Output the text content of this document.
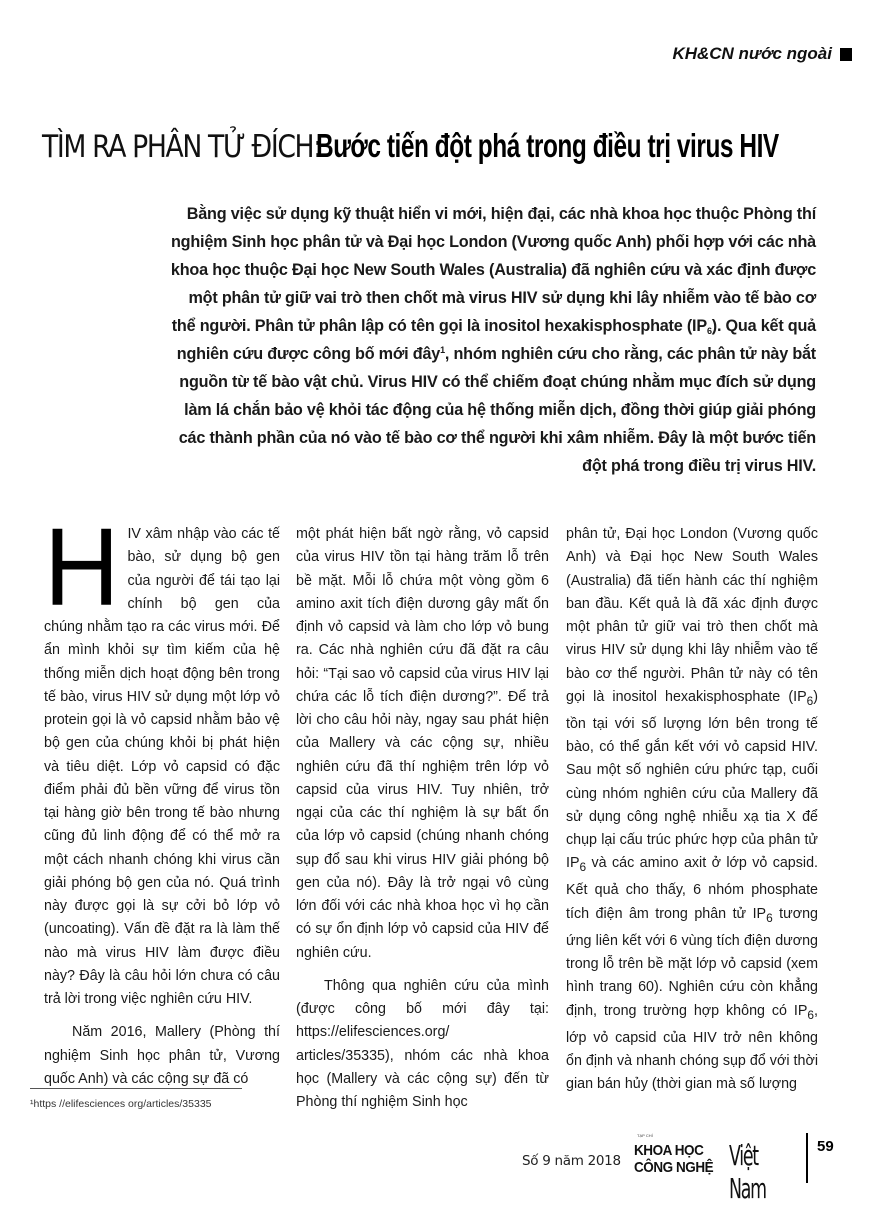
KH&CN nước ngoài
TÌM RA PHÂN TỬ ĐÍCH: Bước tiến đột phá trong điều trị virus HIV
Bằng việc sử dụng kỹ thuật hiển vi mới, hiện đại, các nhà khoa học thuộc Phòng thí nghiệm Sinh học phân tử và Đại học London (Vương quốc Anh) phối hợp với các nhà khoa học thuộc Đại học New South Wales (Australia) đã nghiên cứu và xác định được một phân tử giữ vai trò then chốt mà virus HIV sử dụng khi lây nhiễm vào tế bào cơ thể người. Phân tử phân lập có tên gọi là inositol hexakisphosphate $(IP_6)$. Qua kết quả nghiên cứu được công bố mới đây$^1$, nhóm nghiên cứu cho rằng, các phân tử này bắt nguồn từ tế bào vật chủ. Virus HIV có thể chiếm đoạt chúng nhằm mục đích sử dụng làm lá chắn bảo vệ khỏi tác động của hệ thống miễn dịch, đồng thời giúp giải phóng các thành phần của nó vào tế bào cơ thể người khi xâm nhiễm. Đây là một bước tiến đột phá trong điều trị virus HIV.

HIV xâm nhập vào các tế bào, sử dụng bộ gen của người để tái tạo lại chính bộ gen của chúng nhằm tạo ra các virus mới. Để ẩn mình khỏi sự tìm kiếm của hệ thống miễn dịch hoạt động bên trong tế bào, virus HIV sử dụng một lớp vỏ protein gọi là vỏ capsid nhằm bảo vệ bộ gen của chúng khỏi bị phát hiện và tiêu diệt. Lớp vỏ capsid có đặc điểm phải đủ bền vững để virus tồn tại hàng giờ bên trong tế bào nhưng cũng đủ linh động để có thể mở ra một cách nhanh chóng khi virus cần giải phóng bộ gen của nó. Quá trình này được gọi là sự cởi bỏ lớp vỏ (uncoating). Vấn đề đặt ra là làm thế nào mà virus HIV làm được điều này? Đây là câu hỏi lớn chưa có câu trả lời trong việc nghiên cứu HIV.

Năm 2016, Mallery (Phòng thí nghiệm Sinh học phân tử, Vương quốc Anh) và các cộng sự đã có

một phát hiện bất ngờ rằng, vỏ capsid của virus HIV tồn tại hàng trăm lỗ trên bề mặt. Mỗi lỗ chứa một vòng gồm 6 amino axit tích điện dương gây mất ổn định vỏ capsid và làm cho lớp vỏ bung ra. Các nhà nghiên cứu đã đặt ra câu hỏi: “Tại sao vỏ capsid của virus HIV lại chứa các lỗ tích điện dương?”. Để trả lời cho câu hỏi này, ngay sau phát hiện của Mallery và các cộng sự, nhiều nghiên cứu đã thí nghiệm trên lớp vỏ capsid của virus HIV. Tuy nhiên, trở ngại của các thí nghiệm là sự bất ổn của lớp vỏ capsid (chúng nhanh chóng sụp đổ sau khi virus HIV giải phóng bộ gen của nó). Đây là trở ngại vô cùng lớn đối với các nhà khoa học vì họ cần có sự ổn định lớp vỏ capsid của HIV để nghiên cứu.

Thông qua nghiên cứu của mình (được công bố mới đây tại: https://elifesciences.org/ articles/35335), nhóm các nhà khoa học (Mallery và các cộng sự) đến từ Phòng thí nghiệm Sinh học

phân tử, Đại học London (Vương quốc Anh) và Đại học New South Wales (Australia) đã tiến hành các thí nghiệm ban đầu. Kết quả là đã xác định được một phân tử giữ vai trò then chốt mà virus HIV sử dụng khi lây nhiễm vào tế bào cơ thể người. Phân tử này có tên gọi là inositol hexakisphosphate $(IP_6)$ tồn tại với số lượng lớn bên trong tế bào, có thể gắn kết với vỏ capsid HIV. Sau một số nghiên cứu phức tạp, cuối cùng nhóm nghiên cứu của Mallery đã sử dụng công nghệ nhiễu xạ tia X để chụp lại cấu trúc phức hợp của phân tử $IP_6$ và các amino axit ở lớp vỏ capsid. Kết quả cho thấy, 6 nhóm phosphate tích điện âm trong phân tử $IP_6$ tương ứng liên kết với 6 vùng tích điện dương trong lỗ trên bề mặt lớp vỏ capsid (xem hình trang 60). Nghiên cứu còn khẳng định, trong trường hợp không có $IP_6$, lớp vỏ capsid của HIV trở nên không ổn định và nhanh chóng sụp đổ với thời gian bán hủy (thời gian mà số lượng

¹https //elifesciences org/articles/35335
Số 9 năm 2018
TẠP CHÍ
KHOA HỌC
CÔNG NGHỆ Việt Nam
59
